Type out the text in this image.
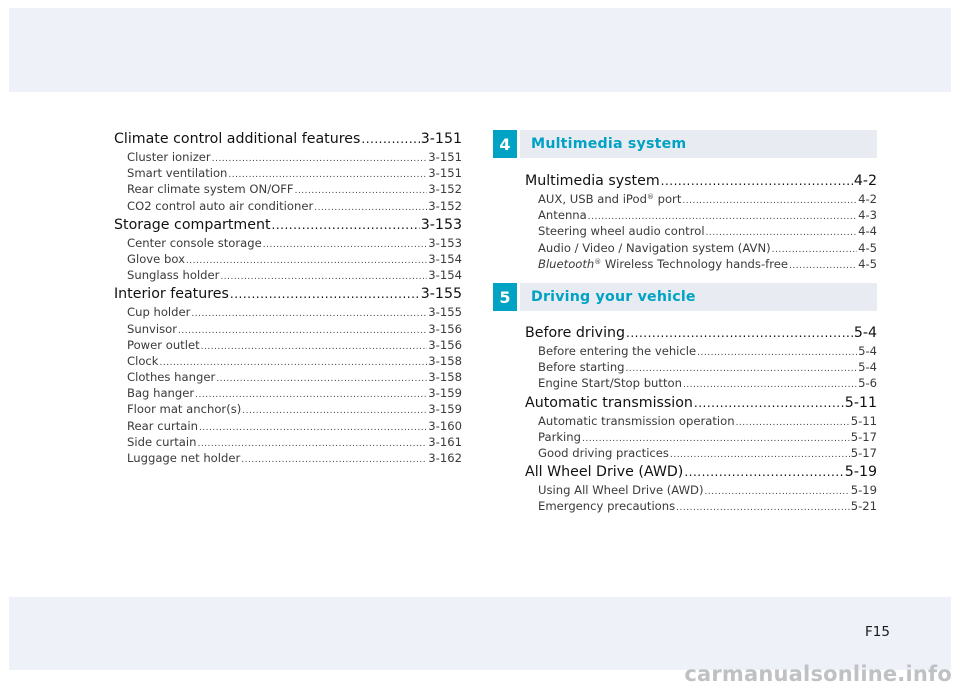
Climate control additional features .....	3-151
Cluster ionizer .....	3-151
Smart ventilation .....	3-151
Rear climate system ON/OFF .....	3-152
CO2 control auto air conditioner .....	3-152
Storage compartment .....	3-153
Center console storage .....	3-153
Glove box .....	3-154
Sunglass holder .....	3-154
Interior features .....	3-155
Cup holder .....	3-155
Sunvisor .....	3-156
Power outlet .....	3-156
Clock .....	3-158
Clothes hanger .....	3-158
Bag hanger .....	3-159
Floor mat anchor(s) .....	3-159
Rear curtain .....	3-160
Side curtain .....	3-161
Luggage net holder .....	3-162
4	Multimedia system
Multimedia system .....	4-2
AUX, USB and iPod® port .....	4-2
Antenna .....	4-3
Steering wheel audio control .....	4-4
Audio / Video / Navigation system (AVN) .....	4-5
Bluetooth® Wireless Technology hands-free .....	4-5
5	Driving your vehicle
Before driving .....	5-4
Before entering the vehicle .....	5-4
Before starting .....	5-4
Engine Start/Stop button .....	5-6
Automatic transmission .....	5-11
Automatic transmission operation .....	5-11
Parking .....	5-17
Good driving practices .....	5-17
All Wheel Drive (AWD) .....	5-19
Using All Wheel Drive (AWD) .....	5-19
Emergency precautions .....	5-21
F15
carmanualsonline.info
